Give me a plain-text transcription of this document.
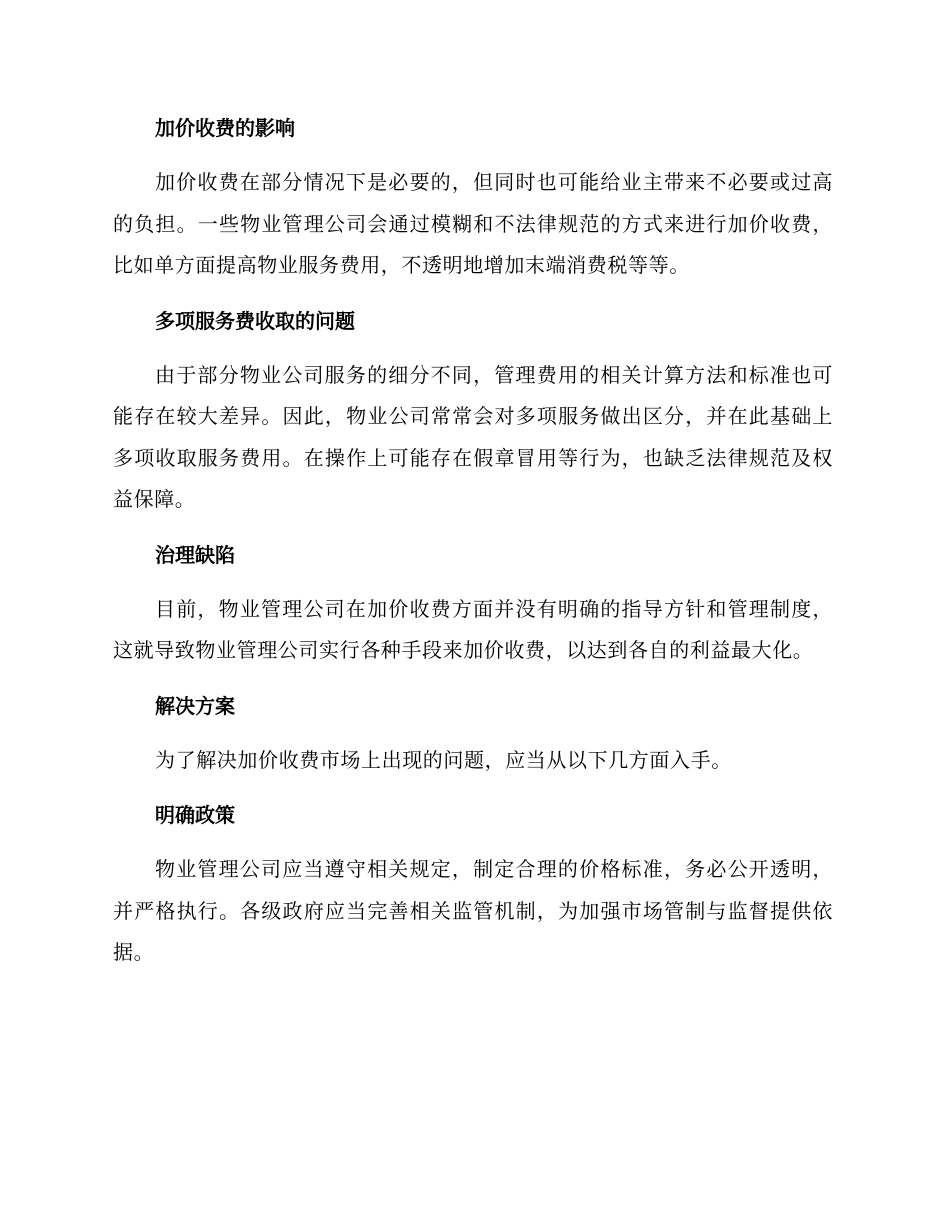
加价收费的影响

加价收费在部分情况下是必要的，但同时也可能给业主带来不必要或过高的负担。一些物业管理公司会通过模糊和不法律规范的方式来进行加价收费，比如单方面提高物业服务费用，不透明地增加末端消费税等等。

多项服务费收取的问题

由于部分物业公司服务的细分不同，管理费用的相关计算方法和标准也可能存在较大差异。因此，物业公司常常会对多项服务做出区分，并在此基础上多项收取服务费用。在操作上可能存在假章冒用等行为，也缺乏法律规范及权益保障。

治理缺陷

目前，物业管理公司在加价收费方面并没有明确的指导方针和管理制度，这就导致物业管理公司实行各种手段来加价收费，以达到各自的利益最大化。

解决方案

为了解决加价收费市场上出现的问题，应当从以下几方面入手。

明确政策

物业管理公司应当遵守相关规定，制定合理的价格标准，务必公开透明，并严格执行。各级政府应当完善相关监管机制，为加强市场管制与监督提供依据。
